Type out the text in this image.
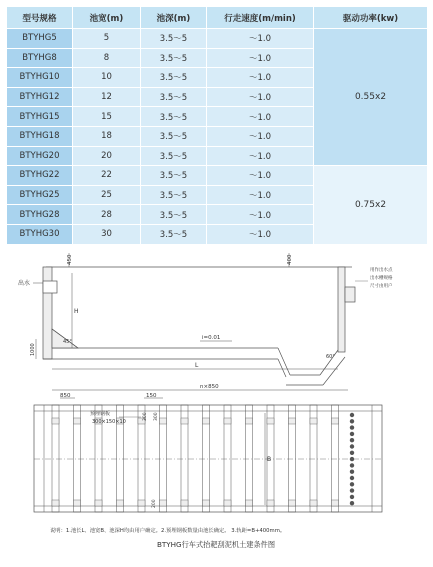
型号规格	池宽(m)	池深(m)	行走速度(m/min)	驱动功率(kw)
BTYHG5	5	3.5～5	～1.0	0.55x2
BTYHG8	8	3.5～5	～1.0	
BTYHG10	10	3.5～5	～1.0	
BTYHG12	12	3.5～5	～1.0	
BTYHG15	15	3.5～5	～1.0	
BTYHG18	18	3.5～5	～1.0	
BTYHG20	20	3.5～5	～1.0	
BTYHG22	22	3.5～5	～1.0	0.75x2
BTYHG25	25	3.5～5	～1.0	
BTYHG28	28	3.5～5	～1.0	
BTYHG30	30	3.5～5	～1.0	
450	400
出水
H
i=0.01
L
1000
45°
60°
用作出水点
出水槽规格
尺寸由用户
n×850
850	150
预埋钢板
300×150×10
300 300
200
B
说明：1.池长L、池宽B、池深H均由用户确定。2.预埋钢板数量由池长确定。 3.轨距=B+400mm。
BTYHG行车式抬耙刮泥机土建条件图
